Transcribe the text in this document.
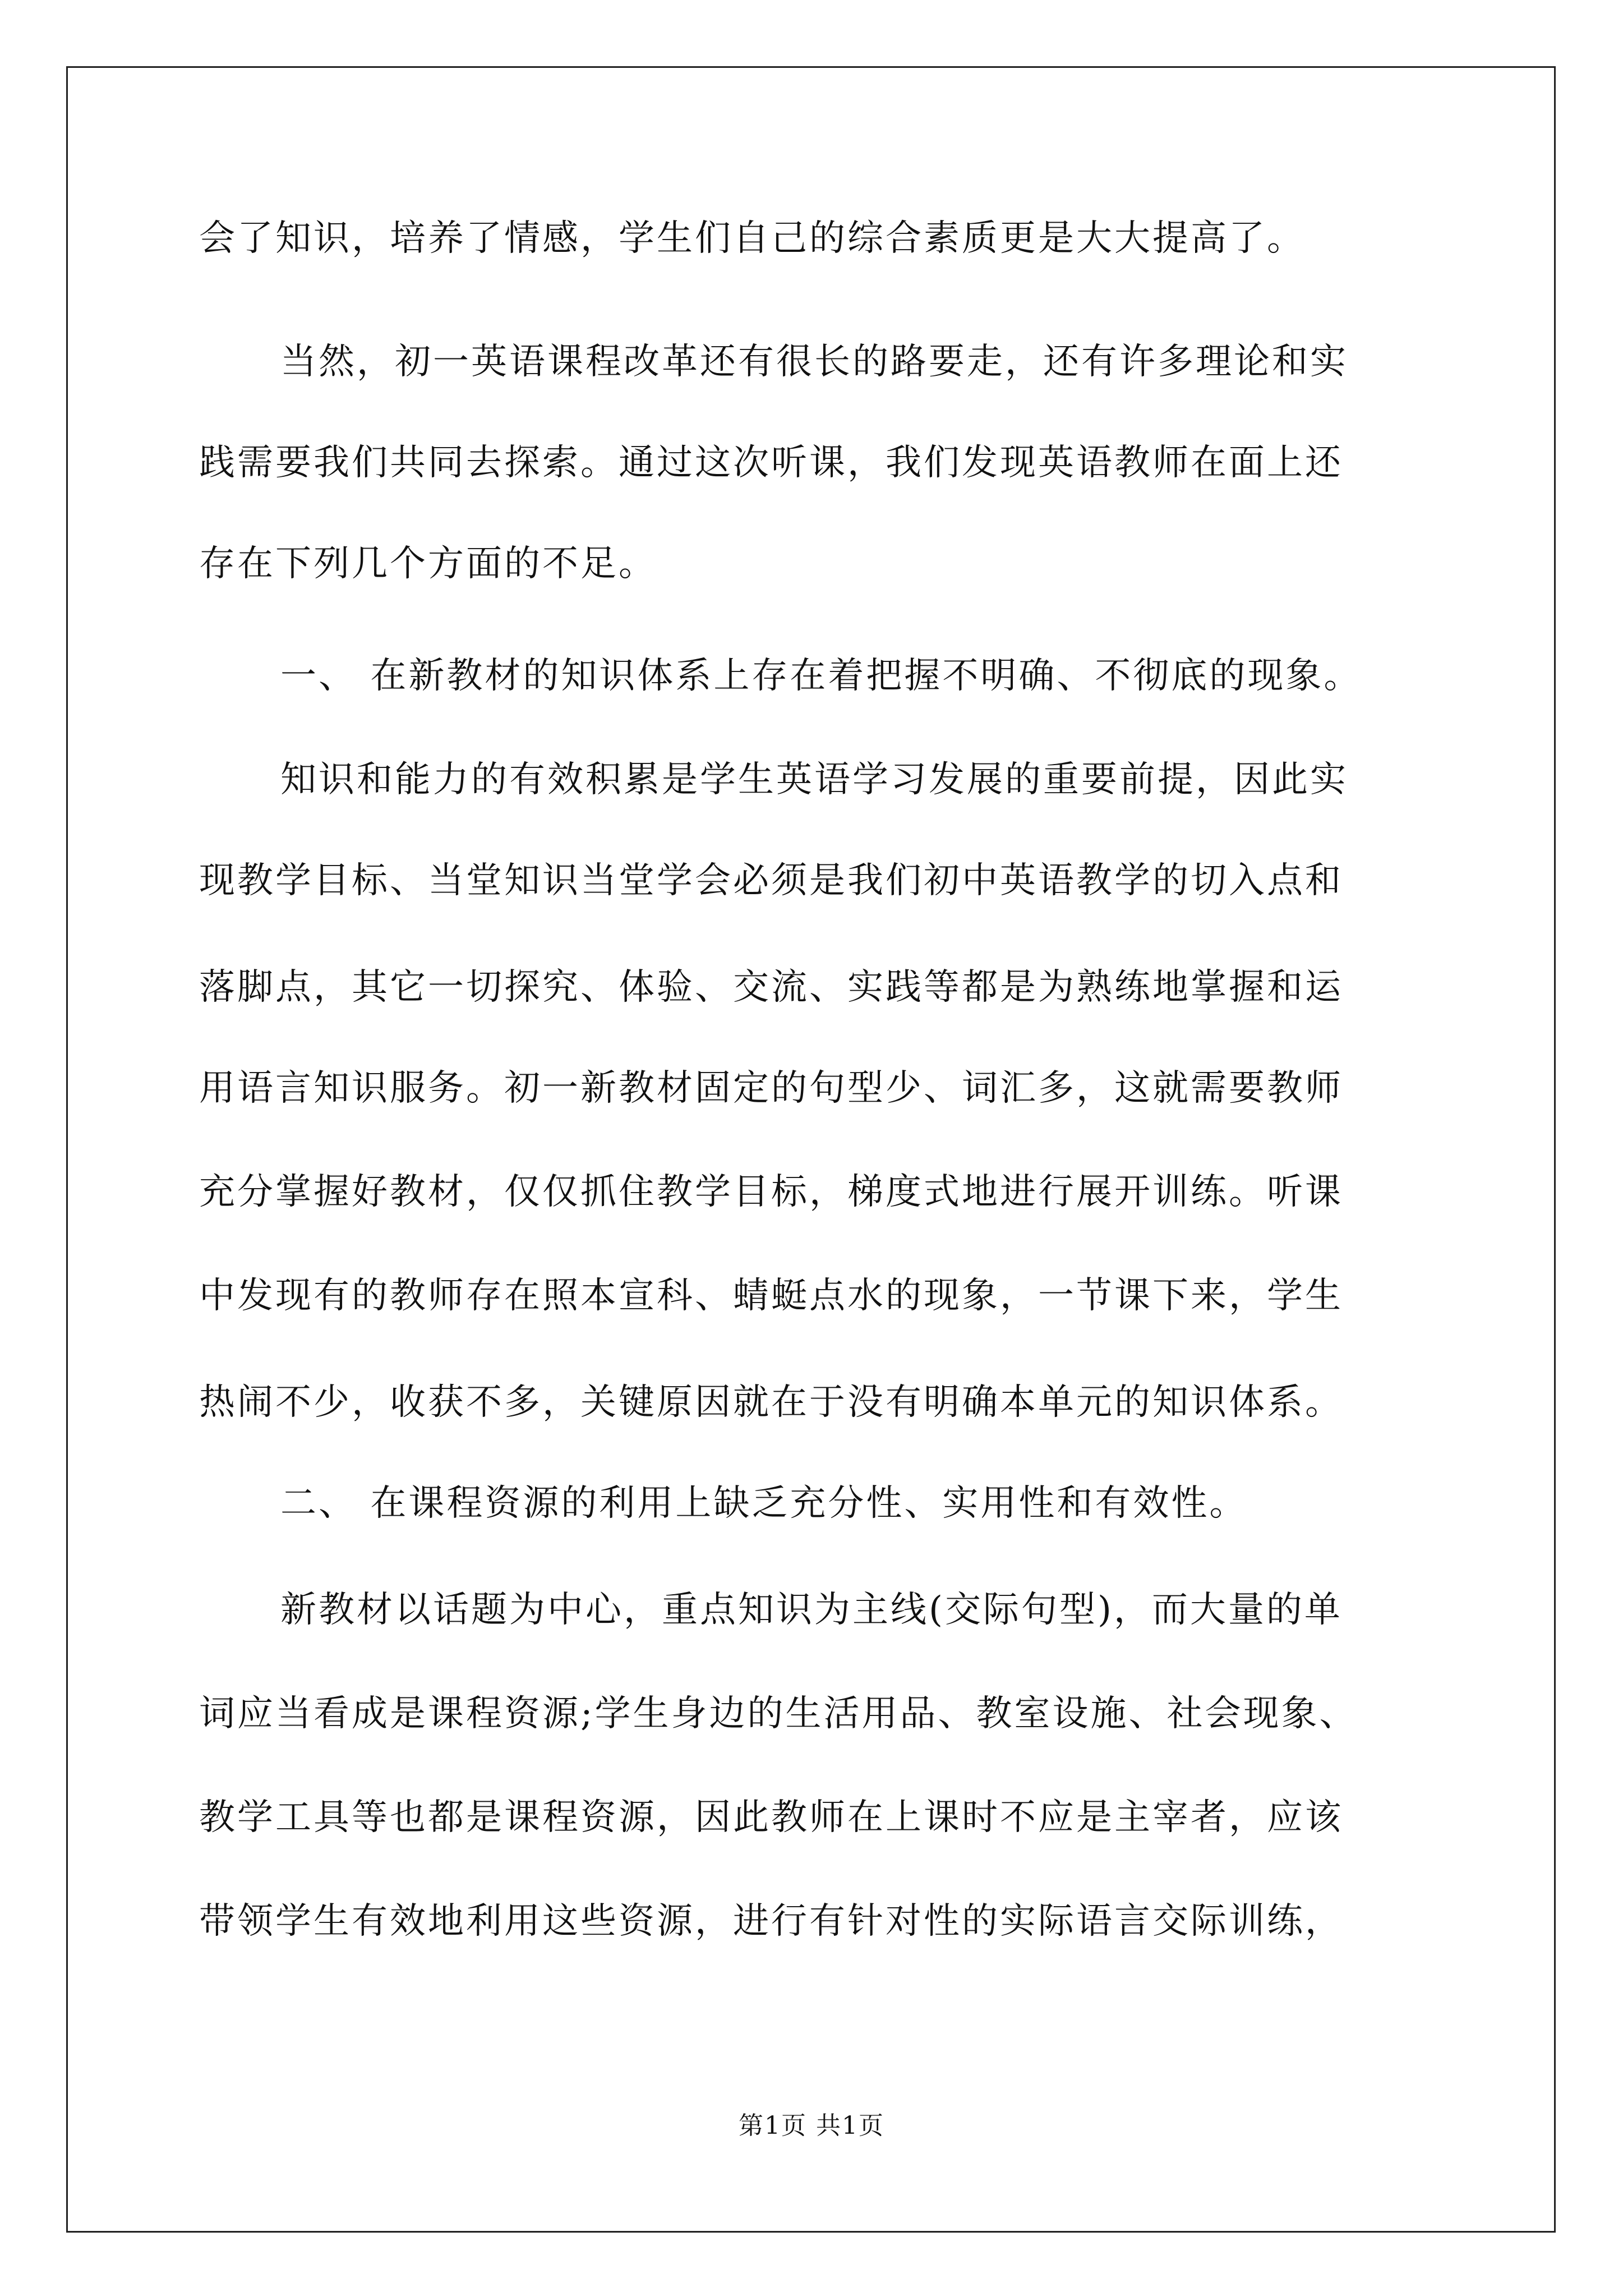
会了知识，培养了情感，学生们自己的综合素质更是大大提高了。
当然，初一英语课程改革还有很长的路要走，还有许多理论和实
践需要我们共同去探索。通过这次听课，我们发现英语教师在面上还
存在下列几个方面的不足。
一、 在新教材的知识体系上存在着把握不明确、不彻底的现象。
知识和能力的有效积累是学生英语学习发展的重要前提，因此实
现教学目标、当堂知识当堂学会必须是我们初中英语教学的切入点和
落脚点，其它一切探究、体验、交流、实践等都是为熟练地掌握和运
用语言知识服务。初一新教材固定的句型少、词汇多，这就需要教师
充分掌握好教材，仅仅抓住教学目标，梯度式地进行展开训练。听课
中发现有的教师存在照本宣科、蜻蜓点水的现象，一节课下来，学生
热闹不少，收获不多，关键原因就在于没有明确本单元的知识体系。
二、 在课程资源的利用上缺乏充分性、实用性和有效性。
新教材以话题为中心，重点知识为主线(交际句型)，而大量的单
词应当看成是课程资源;学生身边的生活用品、教室设施、社会现象、
教学工具等也都是课程资源，因此教师在上课时不应是主宰者，应该
带领学生有效地利用这些资源，进行有针对性的实际语言交际训练，
第1页 共1页
